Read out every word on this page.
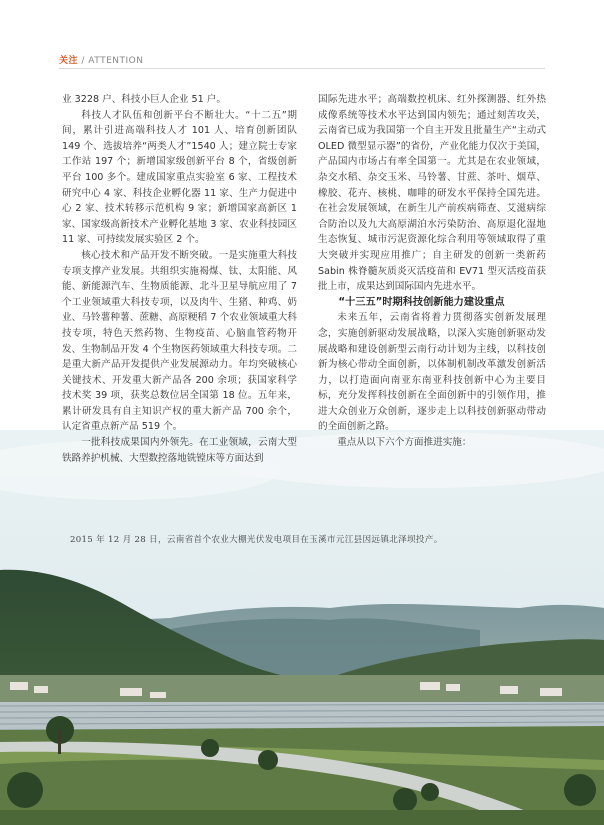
关注 / ATTENTION

业 3228 户、科技小巨人企业 51 户。

科技人才队伍和创新平台不断壮大。“十二五”期间，累计引进高端科技人才 101 人、培育创新团队 149 个、选拔培养“两类人才”1540 人；建立院士专家工作站 197 个；新增国家级创新平台 8 个，省级创新平台 100 多个。建成国家重点实验室 6 家、工程技术研究中心 4 家、科技企业孵化器 11 家、生产力促进中心 2 家、技术转移示范机构 9 家；新增国家高新区 1 家、国家级高新技术产业孵化基地 3 家、农业科技园区 11 家、可持续发展实验区 2 个。

核心技术和产品开发不断突破。一是实施重大科技专项支撑产业发展。共组织实施褐煤、钛、太阳能、风能、新能源汽车、生物质能源、北斗卫星导航应用了 7 个工业领域重大科技专项，以及肉牛、生猪、种鸡、奶业、马铃薯种薯、蔗糖、高原粳稻 7 个农业领域重大科技专项，特色天然药物、生物疫苗、心脑血管药物开发、生物制品开发 4 个生物医药领域重大科技专项。二是重大新产品开发提供产业发展源动力。年均突破核心关键技术、开发重大新产品各 200 余项；获国家科学技术奖 39 项，获奖总数位居全国第 18 位。五年来，累计研发具有自主知识产权的重大新产品 700 余个，认定省重点新产品 519 个。

一批科技成果国内外领先。在工业领域，云南大型铁路养护机械、大型数控落地铣镗床等方面达到

国际先进水平；高端数控机床、红外探测器、红外热成像系统等技术水平达到国内领先；通过刻苦攻关，云南省已成为我国第一个自主开发且批量生产“主动式 OLED 微型显示器”的省份，产业化能力仅次于美国，产品国内市场占有率全国第一。尤其是在农业领域，杂交水稻、杂交玉米、马铃薯、甘蔗、茶叶、烟草、橡胶、花卉、核桃、咖啡的研发水平保持全国先进。在社会发展领域，在新生儿产前疾病筛查、艾滋病综合防治以及九大高原湖泊水污染防治、高原退化湿地生态恢复、城市污泥资源化综合利用等领域取得了重大突破并实现应用推广；自主研发的创新一类新药 Sabin 株脊髓灰质炎灭活疫苗和 EV71 型灭活疫苗获批上市，成果达到国际国内先进水平。

“十三五”时期科技创新能力建设重点

未来五年，云南省将着力贯彻落实创新发展理念，实施创新驱动发展战略，以深入实施创新驱动发展战略和建设创新型云南行动计划为主线，以科技创新为核心带动全面创新，以体制机制改革激发创新活力，以打造面向南亚东南亚科技创新中心为主要目标，充分发挥科技创新在全面创新中的引领作用，推进大众创业万众创新，逐步走上以科技创新驱动带动的全面创新之路。

重点从以下六个方面推进实施：

2015 年 12 月 28 日，云南省首个农业大棚光伏发电项目在玉溪市元江县因远镇北泽坝投产。
